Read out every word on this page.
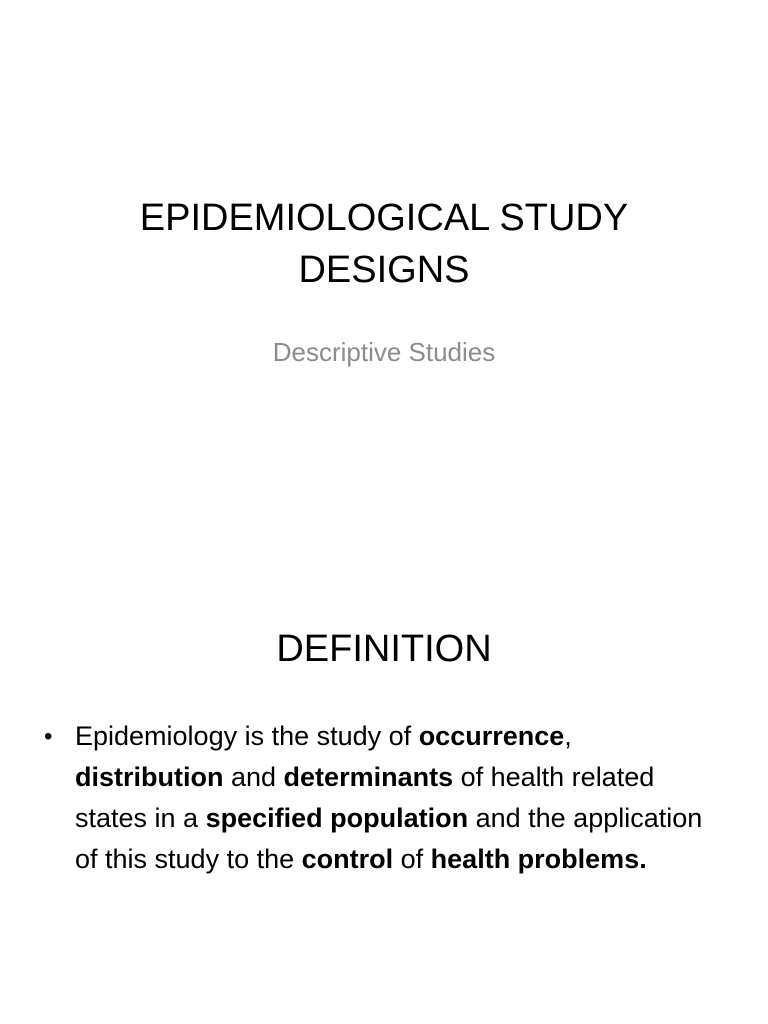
EPIDEMIOLOGICAL STUDY
DESIGNS

Descriptive Studies

DEFINITION
• Epidemiology is the study of occurrence, distribution and determinants of health related states in a specified population and the application of this study to the control of health problems.
